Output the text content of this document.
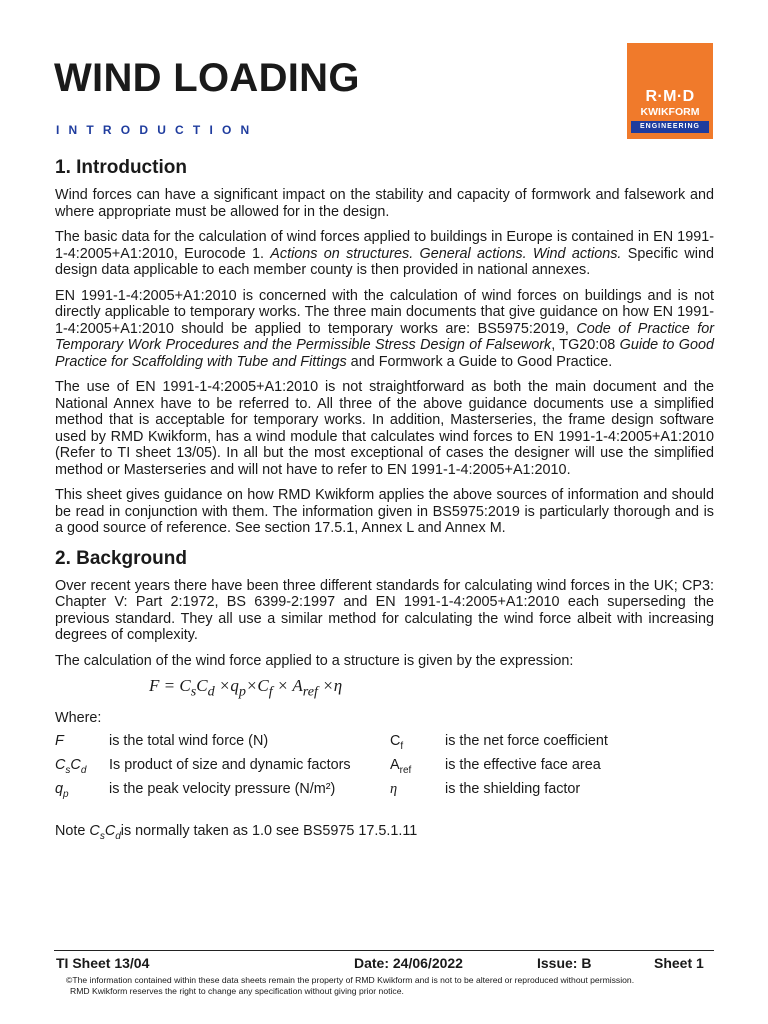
WIND LOADING
INTRODUCTION
R·M·D
KWIKFORM
ENGINEERING
1. Introduction

Wind forces can have a significant impact on the stability and capacity of formwork and falsework and where appropriate must be allowed for in the design.

The basic data for the calculation of wind forces applied to buildings in Europe is contained in EN 1991-1-4:2005+A1:2010, Eurocode 1. Actions on structures. General actions. Wind actions. Specific wind design data applicable to each member county is then provided in national annexes.

EN 1991-1-4:2005+A1:2010 is concerned with the calculation of wind forces on buildings and is not directly applicable to temporary works. The three main documents that give guidance on how EN 1991-1-4:2005+A1:2010 should be applied to temporary works are: BS5975:2019, Code of Practice for Temporary Work Procedures and the Permissible Stress Design of Falsework, TG20:08 Guide to Good Practice for Scaffolding with Tube and Fittings and Formwork a Guide to Good Practice.

The use of EN 1991-1-4:2005+A1:2010 is not straightforward as both the main document and the National Annex have to be referred to. All three of the above guidance documents use a simplified method that is acceptable for temporary works. In addition, Masterseries, the frame design software used by RMD Kwikform, has a wind module that calculates wind forces to EN 1991-1-4:2005+A1:2010 (Refer to TI sheet 13/05). In all but the most exceptional of cases the designer will use the simplified method or Masterseries and will not have to refer to EN 1991-1-4:2005+A1:2010.

This sheet gives guidance on how RMD Kwikform applies the above sources of information and should be read in conjunction with them. The information given in BS5975:2019 is particularly thorough and is a good source of reference. See section 17.5.1, Annex L and Annex M.

2. Background

Over recent years there have been three different standards for calculating wind forces in the UK; CP3: Chapter V: Part 2:1972, BS 6399-2:1997 and EN 1991-1-4:2005+A1:2010 each superseding the previous standard. They all use a similar method for calculating the wind force albeit with increasing degrees of complexity.

The calculation of the wind force applied to a structure is given by the expression:

$F = C_sC_d \times q_p\times C_f \times A_{ref} \times\eta$
Where:
F	is the total wind force (N)	$C_f$	is the net force coefficient
$C_sC_d$	Is product of size and dynamic factors	$A_{ref}$	is the effective face area
$q_p$	is the peak velocity pressure (N/m²)	η	is the shielding factor
Note $C_sC_dis$ normally taken as 1.0 see BS5975 17.5.1.11
TI Sheet 13/04	Date: 24/06/2022	Issue: B	Sheet 1
©The information contained within these data sheets remain the property of RMD Kwikform and is not to be altered or reproduced without permission.
RMD Kwikform reserves the right to change any specification without giving prior notice.
